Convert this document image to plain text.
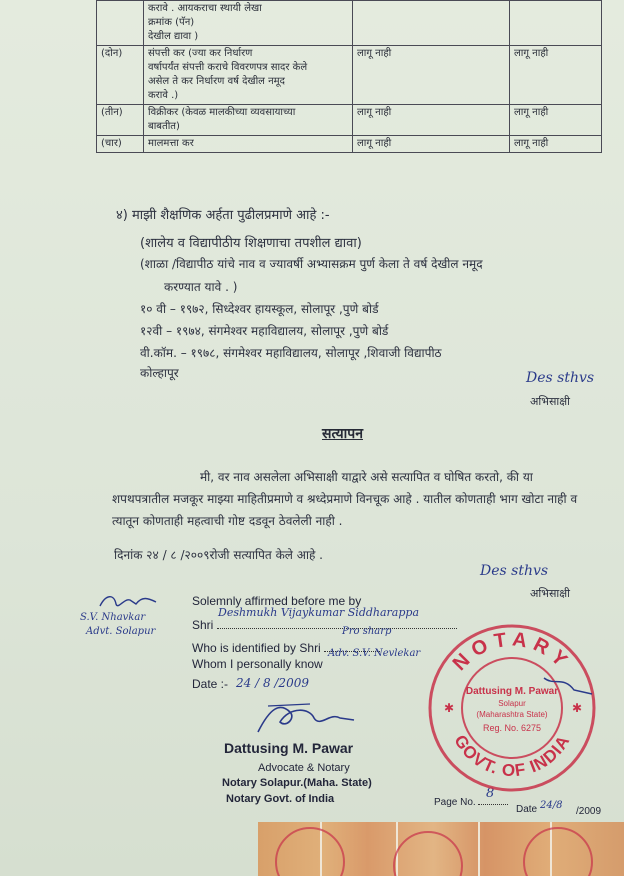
	करावे . आयकराचा स्थायी लेखा
क्रमांक (पॅन)
देखील द्यावा )		

(दोन)	संपत्ती कर (ज्या कर निर्धारण
वर्षापर्यंत संपत्ती कराचे विवरणपत्र सादर केले
असेल ते कर निर्धारण वर्ष देखील नमूद
करावे .)	लागू नाही	लागू नाही
(तीन)	विक्रीकर (केवळ मालकीच्या व्यवसायाच्या
बाबतीत)	लागू नाही	लागू नाही
(चार)	मालमत्ता कर	लागू नाही	लागू नाही
४) माझी शैक्षणिक अर्हता पुढीलप्रमाणे आहे :-
(शालेय व विद्यापीठीय शिक्षणाचा तपशील द्यावा)
(शाळा /विद्यापीठ यांचे नाव व ज्यावर्षी अभ्यासक्रम पुर्ण केला ते वर्ष देखील नमूद
करण्यात यावे . )
१० वी – १९७२, सिध्देश्वर हायस्कूल, सोलापूर ,पुणे बोर्ड
१२वी – १९७४, संगमेश्वर महाविद्यालय, सोलापूर ,पुणे बोर्ड
वी.कॉम. – १९७८, संगमेश्वर महाविद्यालय, सोलापूर ,शिवाजी विद्यापीठ
कोल्हापूर	Des sthvs
अभिसाक्षी
सत्यापन
मी, वर नाव असलेला अभिसाक्षी याद्वारे असे सत्यापित व घोषित करतो, की या शपथपत्रातील मजकूर माझ्या माहितीप्रमाणे व श्रध्देप्रमाणे विनचूक आहे . यातील कोणताही भाग खोटा नाही व त्यातून कोणताही महत्वाची गोष्ट दडवून ठेवलेली नाही .
दिनांक २४ / ८ /२००९रोजी सत्यापित केले आहे .
Des sthvs
अभिसाक्षी
S.V. Nhavkar
Advt. Solapur
Solemnly affirmed before me by
Shri
Deshmukh Vijaykumar Siddharappa
Pro sharp
Who is identified by Shri Adv. S.V. Nevlekar
Whom I personally know
Date :- 24 / 8 /2009
Dattusing M. Pawar
Advocate & Notary
Notary Solapur.(Maha. State)
Notary Govt. of India	Page No.
8
Date 24/8
/2009
NOTARY
GOVT. OF INDIA
Dattusing M. Pawar
Solapur
(Maharashtra State)
Reg. No. 6275
✱	✱
